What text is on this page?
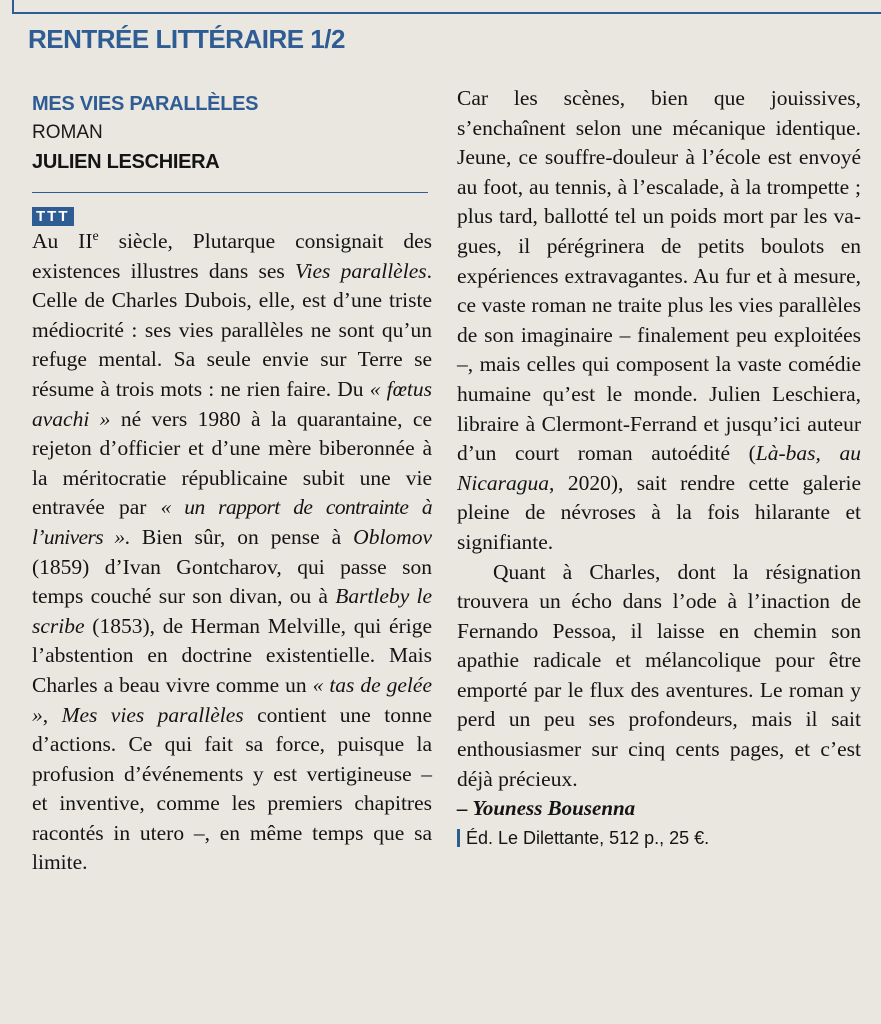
RENTRÉE LITTÉRAIRE 1/2
MES VIES PARALLÈLES
ROMAN
JULIEN LESCHIERA
TTT

Au IIe siècle, Plutarque consignait des existences illustres dans ses Vies parallèles. Celle de Charles Dubois, elle, est d’une triste médiocrité : ses vies parallèles ne sont qu’un refuge mental. Sa seule envie sur Terre se résume à trois mots : ne rien faire. Du « fœtus avachi » né vers 1980 à la quarantaine, ce rejeton d’officier et d’une mère biberonnée à la méritocratie républicaine subit une vie entravée par « un rapport de contrainte à l’univers ». Bien sûr, on pense à Oblomov (1859) d’Ivan Gontcharov, qui passe son temps couché sur son divan, ou à Bartleby le scribe (1853), de Herman Melville, qui érige l’abstention en doctrine existentielle. Mais Charles a beau vivre comme un « tas de gelée », Mes vies parallèles contient une tonne d’actions. Ce qui fait sa force, puisque la profusion d’événements y est vertigineuse – et inventive, comme les premiers chapitres racontés in utero –, en même temps que sa limite.

Car les scènes, bien que jouissives, s’enchaînent selon une mécanique identique. Jeune, ce souffre-douleur à l’école est envoyé au foot, au tennis, à l’escalade, à la trompette ; plus tard, ballotté tel un poids mort par les vagues, il pérégrinera de petits boulots en expériences extravagantes. Au fur et à mesure, ce vaste roman ne traite plus les vies parallèles de son imaginaire – finalement peu exploitées –, mais celles qui composent la vaste comédie humaine qu’est le monde. Julien Leschiera, libraire à Clermont-Ferrand et jusqu’ici auteur d’un court roman autoédité (Là-bas, au Nicaragua, 2020), sait rendre cette galerie pleine de névroses à la fois hilarante et signifiante.

Quant à Charles, dont la résignation trouvera un écho dans l’ode à l’inaction de Fernando Pessoa, il laisse en chemin son apathie radicale et mélancolique pour être emporté par le flux des aventures. Le roman y perd un peu ses profondeurs, mais il sait enthousiasmer sur cinq cents pages, et c’est déjà précieux.

– Youness Bousenna
Éd. Le Dilettante, 512 p., 25 €.
